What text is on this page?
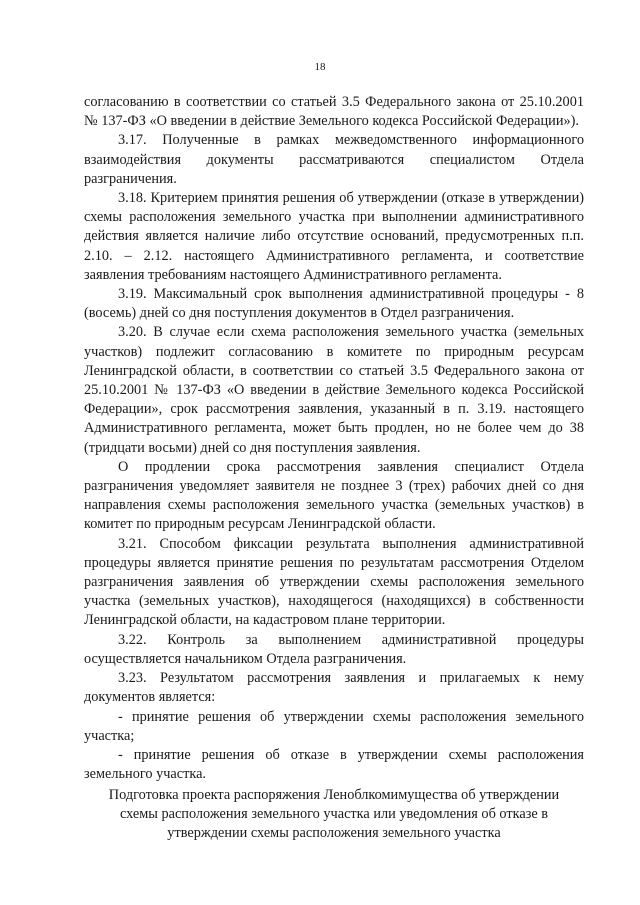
18

согласованию в соответствии со статьей 3.5 Федерального закона от 25.10.2001 № 137-ФЗ «О введении в действие Земельного кодекса Российской Федерации»).

3.17. Полученные в рамках межведомственного информационного взаимодействия документы рассматриваются специалистом Отдела разграничения.

3.18. Критерием принятия решения об утверждении (отказе в утверждении) схемы расположения земельного участка при выполнении административного действия является наличие либо отсутствие оснований, предусмотренных п.п. 2.10. – 2.12. настоящего Административного регламента, и соответствие заявления требованиям настоящего Административного регламента.

3.19. Максимальный срок выполнения административной процедуры - 8 (восемь) дней со дня поступления документов в Отдел разграничения.

3.20. В случае если схема расположения земельного участка (земельных участков) подлежит согласованию в комитете по природным ресурсам Ленинградской области, в соответствии со статьей 3.5 Федерального закона от 25.10.2001 № 137-ФЗ «О введении в действие Земельного кодекса Российской Федерации», срок рассмотрения заявления, указанный в п. 3.19. настоящего Административного регламента, может быть продлен, но не более чем до 38 (тридцати восьми) дней со дня поступления заявления.

О продлении срока рассмотрения заявления специалист Отдела разграничения уведомляет заявителя не позднее 3 (трех) рабочих дней со дня направления схемы расположения земельного участка (земельных участков) в комитет по природным ресурсам Ленинградской области.

3.21. Способом фиксации результата выполнения административной процедуры является принятие решения по результатам рассмотрения Отделом разграничения заявления об утверждении схемы расположения земельного участка (земельных участков), находящегося (находящихся) в собственности Ленинградской области, на кадастровом плане территории.

3.22. Контроль за выполнением административной процедуры осуществляется начальником Отдела разграничения.

3.23. Результатом рассмотрения заявления и прилагаемых к нему документов является:

- принятие решения об утверждении схемы расположения земельного участка;

- принятие решения об отказе в утверждении схемы расположения земельного участка.

Подготовка проекта распоряжения Леноблкомимущества об утверждении
схемы расположения земельного участка или уведомления об отказе в
утверждении схемы расположения земельного участка
